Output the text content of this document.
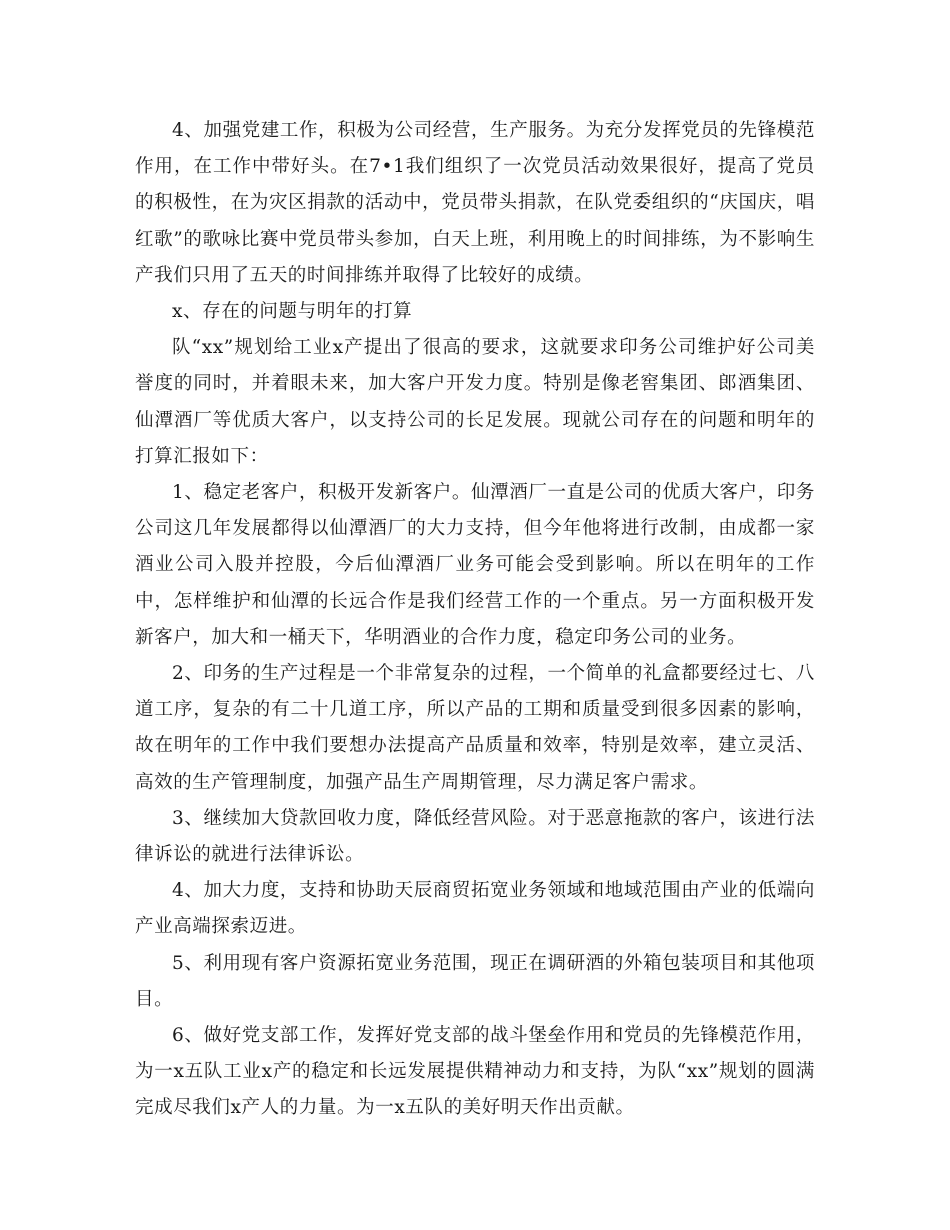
4、加强党建工作，积极为公司经营，生产服务。为充分发挥党员的先锋模范作用，在工作中带好头。在7•1我们组织了一次党员活动效果很好，提高了党员的积极性，在为灾区捐款的活动中，党员带头捐款，在队党委组织的“庆国庆，唱红歌”的歌咏比赛中党员带头参加，白天上班，利用晚上的时间排练，为不影响生产我们只用了五天的时间排练并取得了比较好的成绩。

x、存在的问题与明年的打算

队“xx”规划给工业x产提出了很高的要求，这就要求印务公司维护好公司美誉度的同时，并着眼未来，加大客户开发力度。特别是像老窖集团、郎酒集团、仙潭酒厂等优质大客户，以支持公司的长足发展。现就公司存在的问题和明年的打算汇报如下：

1、稳定老客户，积极开发新客户。仙潭酒厂一直是公司的优质大客户，印务公司这几年发展都得以仙潭酒厂的大力支持，但今年他将进行改制，由成都一家酒业公司入股并控股，今后仙潭酒厂业务可能会受到影响。所以在明年的工作中，怎样维护和仙潭的长远合作是我们经营工作的一个重点。另一方面积极开发新客户，加大和一桶天下，华明酒业的合作力度，稳定印务公司的业务。

2、印务的生产过程是一个非常复杂的过程，一个简单的礼盒都要经过七、八道工序，复杂的有二十几道工序，所以产品的工期和质量受到很多因素的影响，故在明年的工作中我们要想办法提高产品质量和效率，特别是效率，建立灵活、高效的生产管理制度，加强产品生产周期管理，尽力满足客户需求。

3、继续加大贷款回收力度，降低经营风险。对于恶意拖款的客户，该进行法律诉讼的就进行法律诉讼。

4、加大力度，支持和协助天辰商贸拓宽业务领域和地域范围由产业的低端向产业高端探索迈进。

5、利用现有客户资源拓宽业务范围，现正在调研酒的外箱包装项目和其他项目。

6、做好党支部工作，发挥好党支部的战斗堡垒作用和党员的先锋模范作用，为一x五队工业x产的稳定和长远发展提供精神动力和支持，为队“xx”规划的圆满完成尽我们x产人的力量。为一x五队的美好明天作出贡献。
